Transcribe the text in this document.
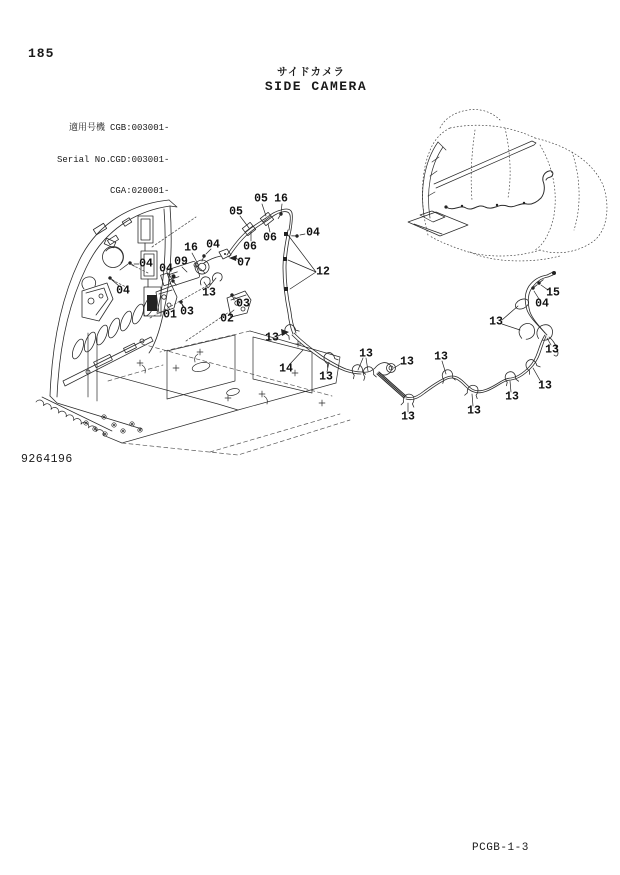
185

適用号機 CGB:003001-

Serial No.
CGD:003001-

CGA:020001-

サイドカメラ
SIDE CAMERA
9264196
PCGB-1-3
05
05 16
06
06	04
07
04
16
09
04 04
04
01 03
13
03
02
12
13
14
13
13
13 13
13	13
13
13
13
13
04
15
